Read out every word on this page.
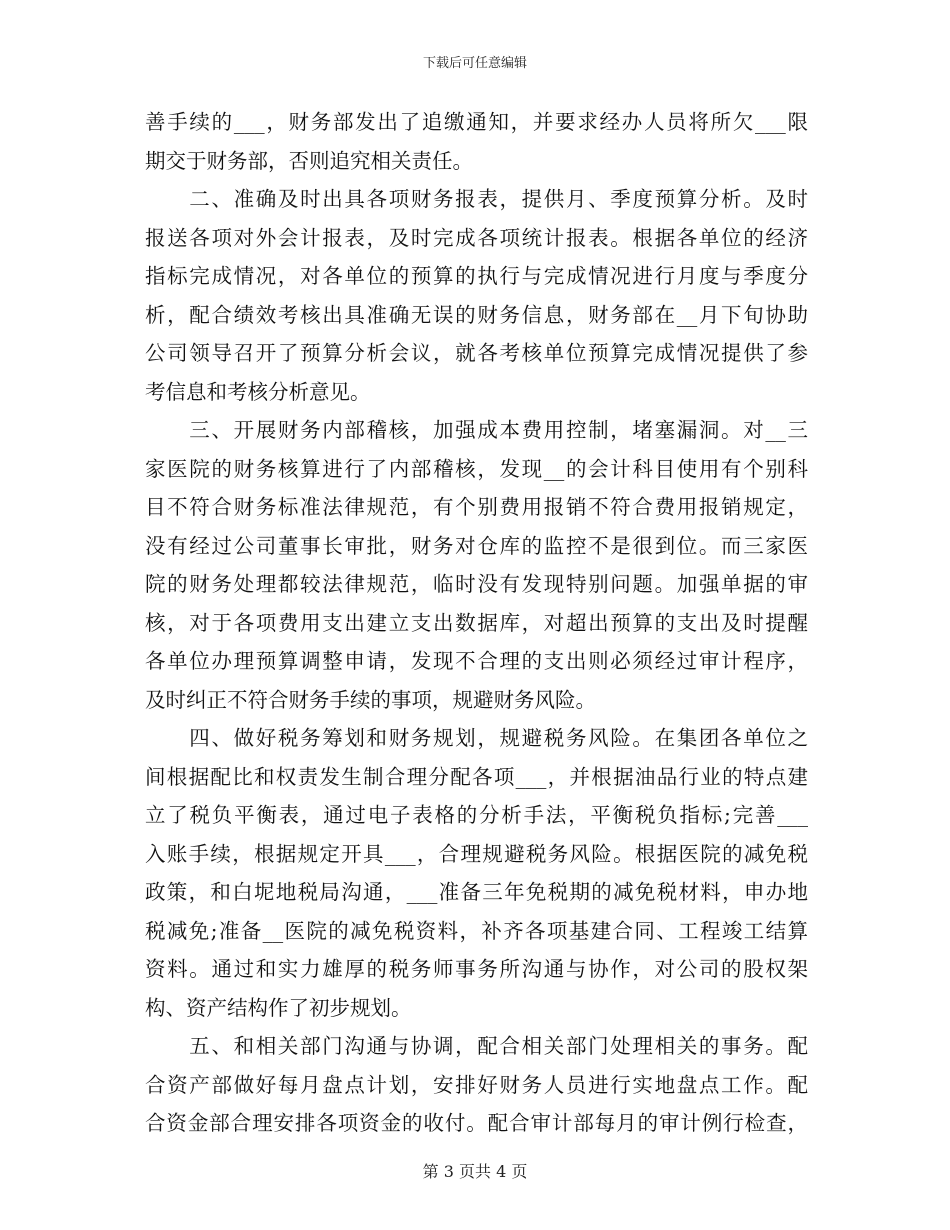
下载后可任意编辑
善手续的___，财务部发出了追缴通知，并要求经办人员将所欠___限
期交于财务部，否则追究相关责任。
　　二、准确及时出具各项财务报表，提供月、季度预算分析。及时
报送各项对外会计报表，及时完成各项统计报表。根据各单位的经济
指标完成情况，对各单位的预算的执行与完成情况进行月度与季度分
析，配合绩效考核出具准确无误的财务信息，财务部在__月下旬协助
公司领导召开了预算分析会议，就各考核单位预算完成情况提供了参
考信息和考核分析意见。
　　三、开展财务内部稽核，加强成本费用控制，堵塞漏洞。对__三
家医院的财务核算进行了内部稽核，发现__的会计科目使用有个别科
目不符合财务标准法律规范，有个别费用报销不符合费用报销规定，
没有经过公司董事长审批，财务对仓库的监控不是很到位。而三家医
院的财务处理都较法律规范，临时没有发现特别问题。加强单据的审
核，对于各项费用支出建立支出数据库，对超出预算的支出及时提醒
各单位办理预算调整申请，发现不合理的支出则必须经过审计程序，
及时纠正不符合财务手续的事项，规避财务风险。
　　四、做好税务筹划和财务规划，规避税务风险。在集团各单位之
间根据配比和权责发生制合理分配各项___，并根据油品行业的特点建
立了税负平衡表，通过电子表格的分析手法，平衡税负指标;完善___
入账手续，根据规定开具___，合理规避税务风险。根据医院的减免税
政策，和白坭地税局沟通，___准备三年免税期的减免税材料，申办地
税减免;准备__医院的减免税资料，补齐各项基建合同、工程竣工结算
资料。通过和实力雄厚的税务师事务所沟通与协作，对公司的股权架
构、资产结构作了初步规划。
　　五、和相关部门沟通与协调，配合相关部门处理相关的事务。配
合资产部做好每月盘点计划，安排好财务人员进行实地盘点工作。配
合资金部合理安排各项资金的收付。配合审计部每月的审计例行检查，
第 3 页共 4 页
